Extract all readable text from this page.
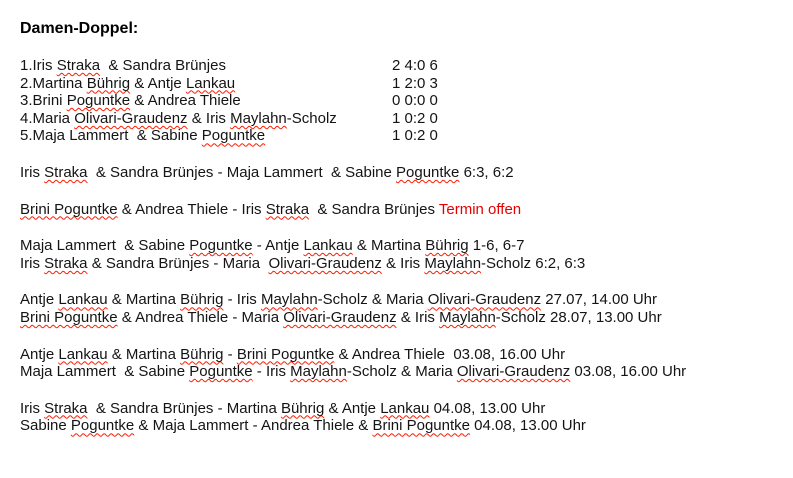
Damen-Doppel:
1.Iris Straka  & Sandra Brünjes	2 4:0 6
2.Martina Bührig & Antje Lankau	1 2:0 3
3.Brini Poguntke & Andrea Thiele	0 0:0 0
4.Maria Olivari-Graudenz & Iris Maylahn-Scholz	1 0:2 0
5.Maja Lammert  & Sabine Poguntke	1 0:2 0
Iris Straka  & Sandra Brünjes - Maja Lammert  & Sabine Poguntke 6:3, 6:2
Brini Poguntke & Andrea Thiele - Iris Straka  & Sandra Brünjes Termin offen
Maja Lammert  & Sabine Poguntke - Antje Lankau & Martina Bührig 1-6, 6-7
Iris Straka & Sandra Brünjes - Maria  Olivari-Graudenz & Iris Maylahn-Scholz 6:2, 6:3
Antje Lankau & Martina Bührig - Iris Maylahn-Scholz & Maria Olivari-Graudenz 27.07, 14.00 Uhr
Brini Poguntke & Andrea Thiele - Maria Olivari-Graudenz & Iris Maylahn-Scholz 28.07, 13.00 Uhr
Antje Lankau & Martina Bührig - Brini Poguntke & Andrea Thiele  03.08, 16.00 Uhr
Maja Lammert  & Sabine Poguntke - Iris Maylahn-Scholz & Maria Olivari-Graudenz 03.08, 16.00 Uhr
Iris Straka  & Sandra Brünjes - Martina Bührig & Antje Lankau 04.08, 13.00 Uhr
Sabine Poguntke & Maja Lammert - Andrea Thiele & Brini Poguntke 04.08, 13.00 Uhr
